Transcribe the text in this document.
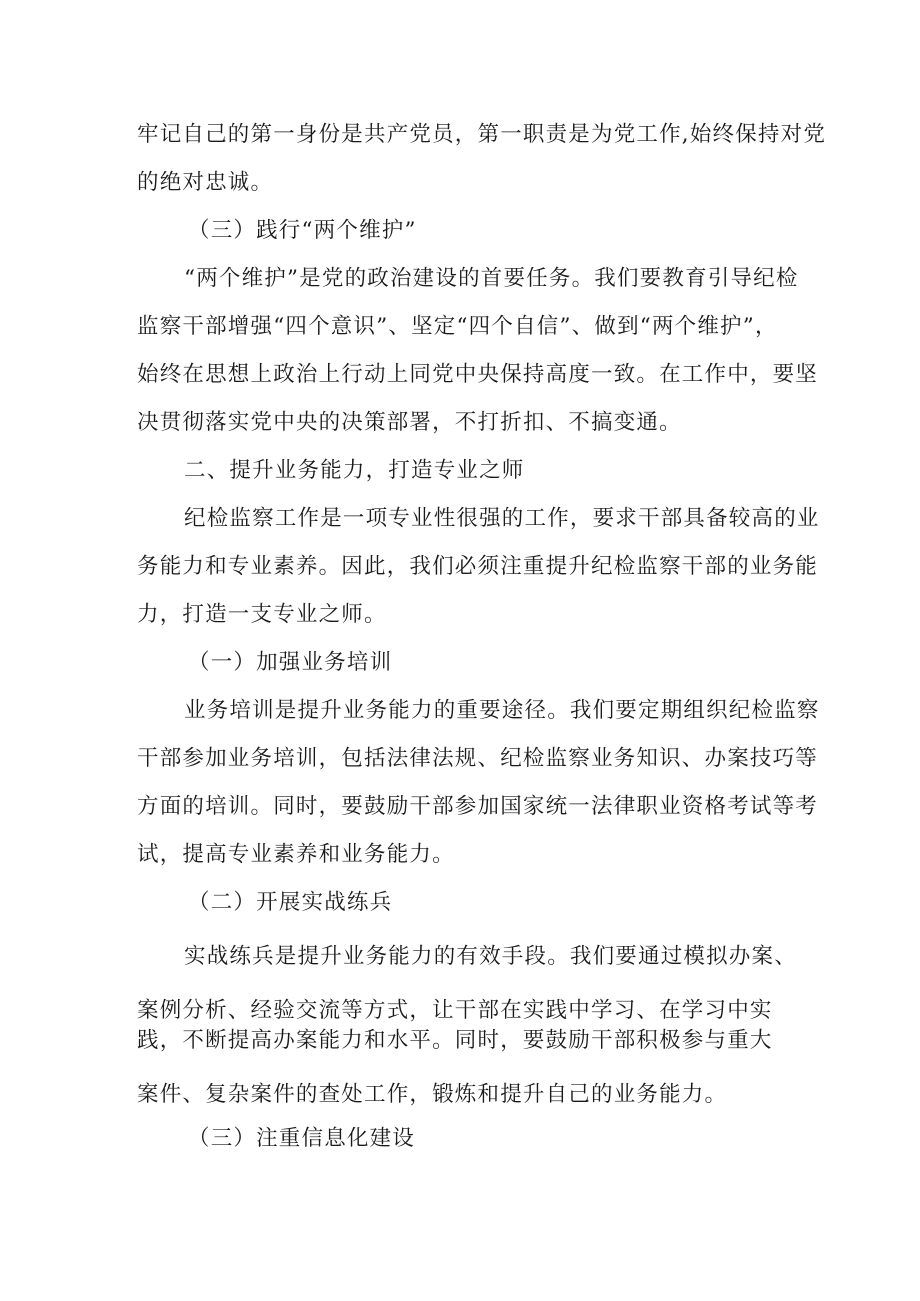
牢记自己的第一身份是共产党员，第一职责是为党工作,始终保持对党

的绝对忠诚。

（三）践行“两个维护”

“两个维护”是党的政治建设的首要任务。我们要教育引导纪检

监察干部增强“四个意识”、坚定“四个自信”、做到“两个维护”，

始终在思想上政治上行动上同党中央保持高度一致。在工作中，要坚

决贯彻落实党中央的决策部署，不打折扣、不搞变通。

二、提升业务能力，打造专业之师

纪检监察工作是一项专业性很强的工作，要求干部具备较高的业

务能力和专业素养。因此，我们必须注重提升纪检监察干部的业务能

力，打造一支专业之师。

（一）加强业务培训

业务培训是提升业务能力的重要途径。我们要定期组织纪检监察

干部参加业务培训，包括法律法规、纪检监察业务知识、办案技巧等

方面的培训。同时，要鼓励干部参加国家统一法律职业资格考试等考

试，提高专业素养和业务能力。

（二）开展实战练兵

实战练兵是提升业务能力的有效手段。我们要通过模拟办案、

案例分析、经验交流等方式，让干部在实践中学习、在学习中实

践，不断提高办案能力和水平。同时，要鼓励干部积极参与重大

案件、复杂案件的查处工作，锻炼和提升自己的业务能力。

（三）注重信息化建设
